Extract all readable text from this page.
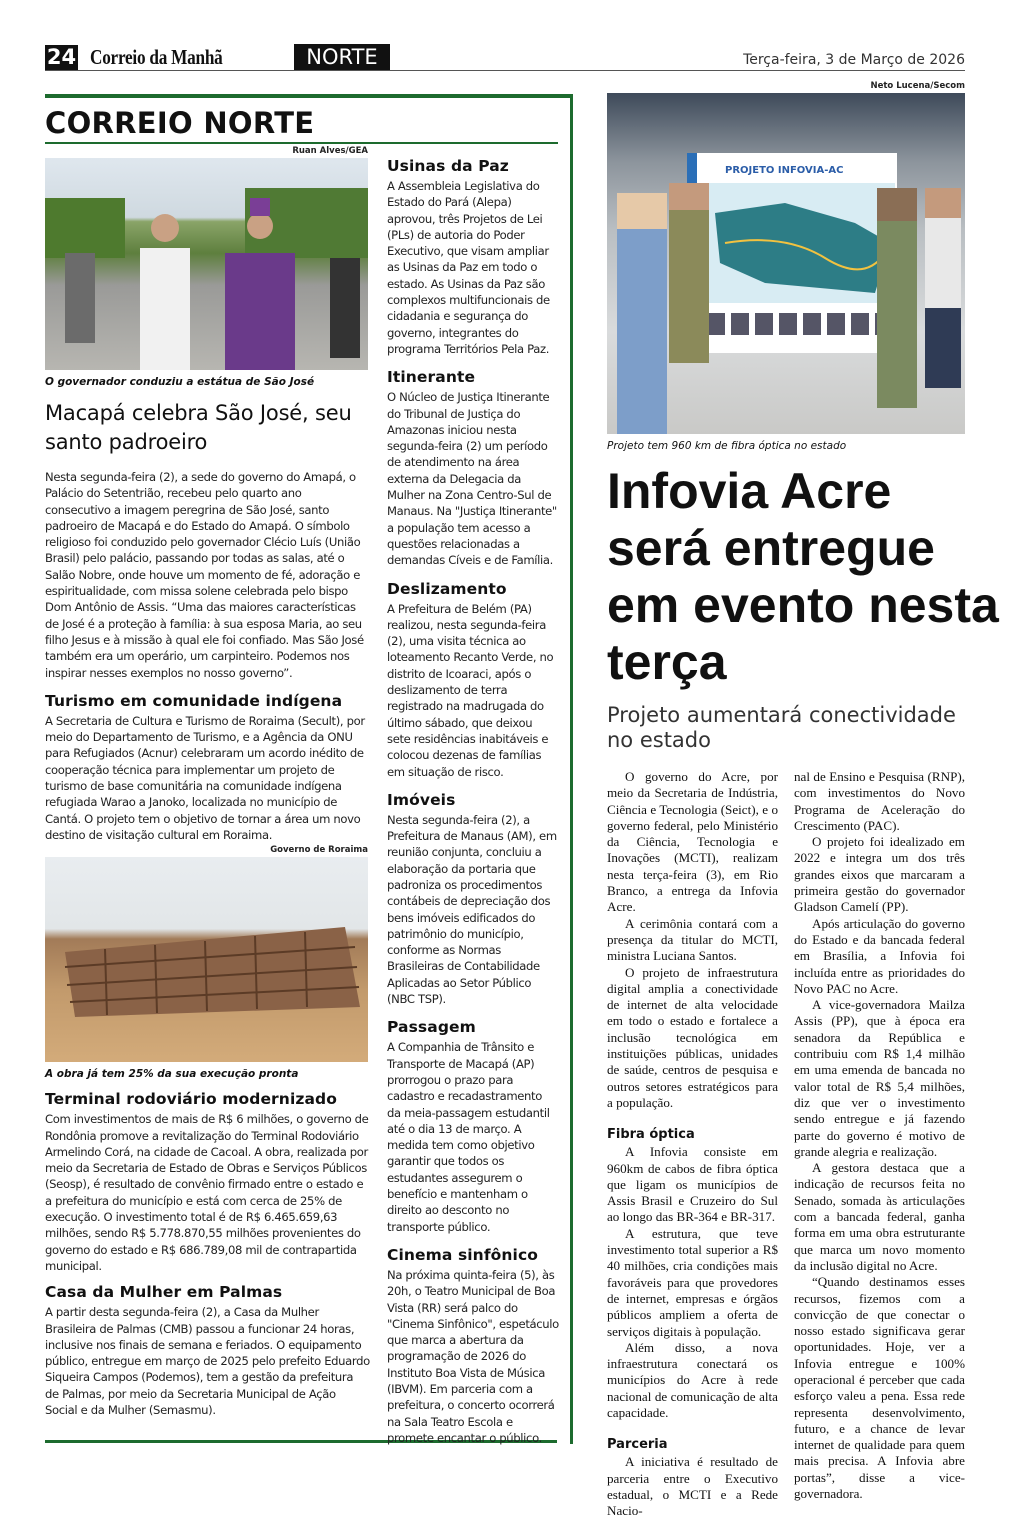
24 Correio da Manhã	NORTE	Terça-feira, 3 de Março de 2026
CORREIO NORTE
Ruan Alves/GEA
O governador conduziu a estátua de São José
Macapá celebra São José, seu santo padroeiro
Nesta segunda-feira (2), a sede do governo do Amapá, o Palácio do Setentrião, recebeu pelo quarto ano consecutivo a imagem peregrina de São José, santo padroeiro de Macapá e do Estado do Amapá. O símbolo religioso foi conduzido pelo governador Clécio Luís (União Brasil) pelo palácio, passando por todas as salas, até o Salão Nobre, onde houve um momento de fé, adoração e espiritualidade, com missa solene celebrada pelo bispo Dom Antônio de Assis. “Uma das maiores características de José é a proteção à família: à sua esposa Maria, ao seu filho Jesus e à missão à qual ele foi confiado. Mas São José também era um operário, um carpinteiro. Podemos nos inspirar nesses exemplos no nosso governo”.
Turismo em comunidade indígena
A Secretaria de Cultura e Turismo de Roraima (Secult), por meio do Departamento de Turismo, e a Agência da ONU para Refugiados (Acnur) celebraram um acordo inédito de cooperação técnica para implementar um projeto de turismo de base comunitária na comunidade indígena refugiada Warao a Janoko, localizada no município de Cantá. O projeto tem o objetivo de tornar a área um novo destino de visitação cultural em Roraima.
Governo de Roraima
A obra já tem 25% da sua execução pronta
Terminal rodoviário modernizado
Com investimentos de mais de R$ 6 milhões, o governo de Rondônia promove a revitalização do Terminal Rodoviário Armelindo Corá, na cidade de Cacoal. A obra, realizada por meio da Secretaria de Estado de Obras e Serviços Públicos (Seosp), é resultado de convênio firmado entre o estado e a prefeitura do município e está com cerca de 25% de execução. O investimento total é de R$ 6.465.659,63 milhões, sendo R$ 5.778.870,55 milhões provenientes do governo do estado e R$ 686.789,08 mil de contrapartida municipal.
Casa da Mulher em Palmas
A partir desta segunda-feira (2), a Casa da Mulher Brasileira de Palmas (CMB) passou a funcionar 24 horas, inclusive nos finais de semana e feriados. O equipamento público, entregue em março de 2025 pelo prefeito Eduardo Siqueira Campos (Podemos), tem a gestão da prefeitura de Palmas, por meio da Secretaria Municipal de Ação Social e da Mulher (Semasmu).
Usinas da Paz
A Assembleia Legislativa do Estado do Pará (Alepa) aprovou, três Projetos de Lei (PLs) de autoria do Poder Executivo, que visam ampliar as Usinas da Paz em todo o estado. As Usinas da Paz são complexos multifuncionais de cidadania e segurança do governo, integrantes do programa Territórios Pela Paz.
Itinerante
O Núcleo de Justiça Itinerante do Tribunal de Justiça do Amazonas iniciou nesta segunda-feira (2) um período de atendimento na área externa da Delegacia da Mulher na Zona Centro-Sul de Manaus. Na "Justiça Itinerante" a população tem acesso a questões relacionadas a demandas Cíveis e de Família.
Deslizamento
A Prefeitura de Belém (PA) realizou, nesta segunda-feira (2), uma visita técnica ao loteamento Recanto Verde, no distrito de Icoaraci, após o deslizamento de terra registrado na madrugada do último sábado, que deixou sete residências inabitáveis e colocou dezenas de famílias em situação de risco.
Imóveis
Nesta segunda-feira (2), a Prefeitura de Manaus (AM), em reunião conjunta, concluiu a elaboração da portaria que padroniza os procedimentos contábeis de depreciação dos bens imóveis edificados do patrimônio do município, conforme as Normas Brasileiras de Contabilidade Aplicadas ao Setor Público (NBC TSP).
Passagem
A Companhia de Trânsito e Transporte de Macapá (AP) prorrogou o prazo para cadastro e recadastramento da meia-passagem estudantil até o dia 13 de março. A medida tem como objetivo garantir que todos os estudantes assegurem o benefício e mantenham o direito ao desconto no transporte público.
Cinema sinfônico
Na próxima quinta-feira (5), às 20h, o Teatro Municipal de Boa Vista (RR) será palco do "Cinema Sinfônico", espetáculo que marca a abertura da programação de 2026 do Instituto Boa Vista de Música (IBVM). Em parceria com a prefeitura, o concerto ocorrerá na Sala Teatro Escola e promete encantar o público.
Neto Lucena/Secom
PROJETO INFOVIA-AC
Projeto tem 960 km de fibra óptica no estado
Infovia Acre será entregue em evento nesta terça
Projeto aumentará conectividade no estado

O governo do Acre, por meio da Secretaria de Indústria, Ciência e Tecnologia (Seict), e o governo federal, pelo Ministério da Ciência, Tecnologia e Inovações (MCTI), realizam nesta terça-feira (3), em Rio Branco, a entrega da Infovia Acre.

A cerimônia contará com a presença da titular do MCTI, ministra Luciana Santos.

O projeto de infraestrutura digital amplia a conectividade de internet de alta velocidade em todo o estado e fortalece a inclusão tecnológica em instituições públicas, unidades de saúde, centros de pesquisa e outros setores estratégicos para a população.

Fibra óptica

A Infovia consiste em 960km de cabos de fibra óptica que ligam os municípios de Assis Brasil e Cruzeiro do Sul ao longo das BR-364 e BR-317.

A estrutura, que teve investimento total superior a R$ 40 milhões, cria condições mais favoráveis para que provedores de internet, empresas e órgãos públicos ampliem a oferta de serviços digitais à população.

Além disso, a nova infraestrutura conectará os municípios do Acre à rede nacional de comunicação de alta capacidade.

Parceria

A iniciativa é resultado de parceria entre o Executivo estadual, o MCTI e a Rede Nacio-

nal de Ensino e Pesquisa (RNP), com investimentos do Novo Programa de Aceleração do Crescimento (PAC).

O projeto foi idealizado em 2022 e integra um dos três grandes eixos que marcaram a primeira gestão do governador Gladson Camelí (PP).

Após articulação do governo do Estado e da bancada federal em Brasília, a Infovia foi incluída entre as prioridades do Novo PAC no Acre.

A vice-governadora Mailza Assis (PP), que à época era senadora da República e contribuiu com R$ 1,4 milhão em uma emenda de bancada no valor total de R$ 5,4 milhões, diz que ver o investimento sendo entregue e já fazendo parte do governo é motivo de grande alegria e realização.

A gestora destaca que a indicação de recursos feita no Senado, somada às articulações com a bancada federal, ganha forma em uma obra estruturante que marca um novo momento da inclusão digital no Acre.

“Quando destinamos esses recursos, fizemos com a convicção de que conectar o nosso estado significava gerar oportunidades. Hoje, ver a Infovia entregue e 100% operacional é perceber que cada esforço valeu a pena. Essa rede representa desenvolvimento, futuro, e a chance de levar internet de qualidade para quem mais precisa. A Infovia abre portas”, disse a vice-governadora.
